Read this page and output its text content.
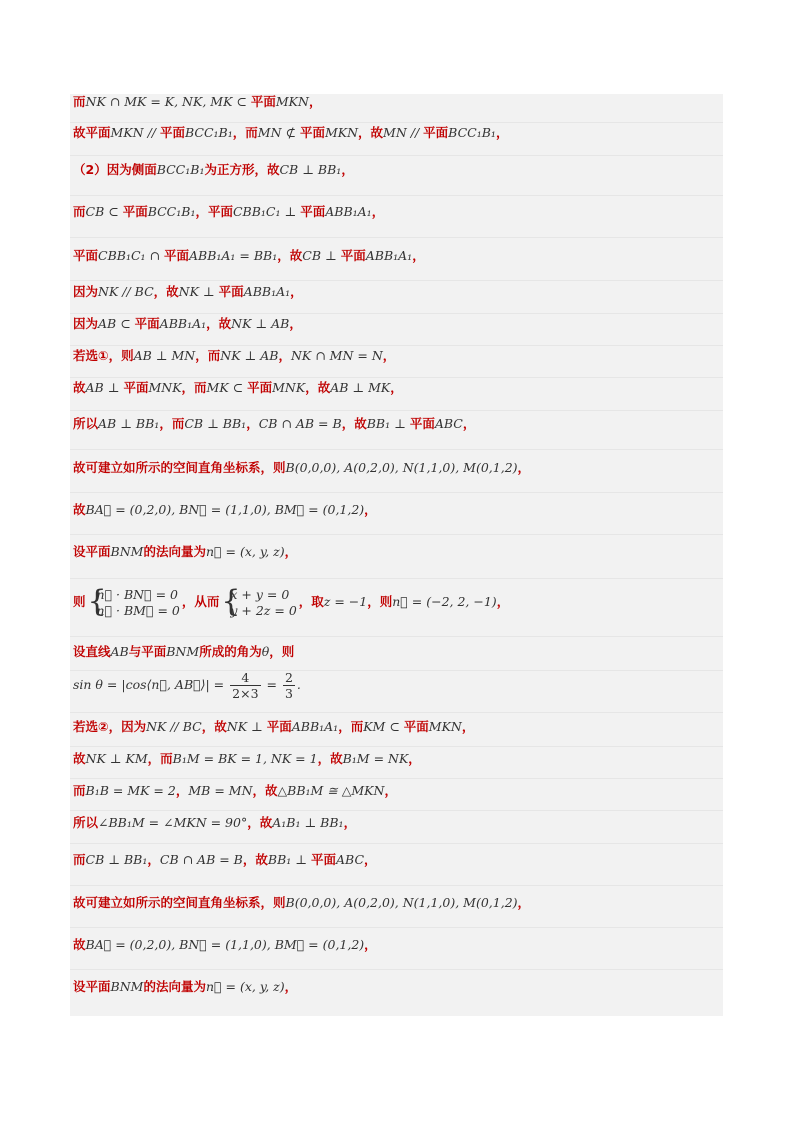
而NK ∩ MK = K, NK, MK ⊂ 平面MKN，
故平面MKN // 平面BCC₁B₁，而MN ⊄ 平面MKN，故MN // 平面BCC₁B₁，
（2）因为侧面BCC₁B₁为正方形，故CB ⊥ BB₁，
而CB ⊂ 平面BCC₁B₁，平面CBB₁C₁ ⊥ 平面ABB₁A₁，
平面CBB₁C₁ ∩ 平面ABB₁A₁ = BB₁，故CB ⊥ 平面ABB₁A₁，
因为NK // BC，故NK ⊥ 平面ABB₁A₁，
因为AB ⊂ 平面ABB₁A₁，故NK ⊥ AB，
若选①，则AB ⊥ MN，而NK ⊥ AB，NK ∩ MN = N，
故AB ⊥ 平面MNK，而MK ⊂ 平面MNK，故AB ⊥ MK，
所以AB ⊥ BB₁，而CB ⊥ BB₁，CB ∩ AB = B，故BB₁ ⊥ 平面ABC，
故可建立如所示的空间直角坐标系，则B(0,0,0), A(0,2,0), N(1,1,0), M(0,1,2)，
故BA⃗ = (0,2,0), BN⃗ = (1,1,0), BM⃗ = (0,1,2)，
设平面BNM的法向量为n⃗ = (x, y, z)，
则 {
n⃗ · BN⃗ = 0
n⃗ · BM⃗ = 0
，从而 {
x + y = 0
y + 2z = 0
，取z = −1，则n⃗ = (−2, 2, −1)，
设直线AB与平面BNM所成的角为θ，则
sin θ = |cos⟨n⃗, AB⃗⟩| = $\frac{4}{2\times 3} = \frac{2}{3}$ .
若选②，因为NK // BC，故NK ⊥ 平面ABB₁A₁，而KM ⊂ 平面MKN，
故NK ⊥ KM，而B₁M = BK = 1, NK = 1，故B₁M = NK，
而B₁B = MK = 2，MB = MN，故△BB₁M ≅ △MKN，
所以∠BB₁M = ∠MKN = 90°，故A₁B₁ ⊥ BB₁，
而CB ⊥ BB₁，CB ∩ AB = B，故BB₁ ⊥ 平面ABC，
故可建立如所示的空间直角坐标系，则B(0,0,0), A(0,2,0), N(1,1,0), M(0,1,2)，
故BA⃗ = (0,2,0), BN⃗ = (1,1,0), BM⃗ = (0,1,2)，
设平面BNM的法向量为n⃗ = (x, y, z)，
